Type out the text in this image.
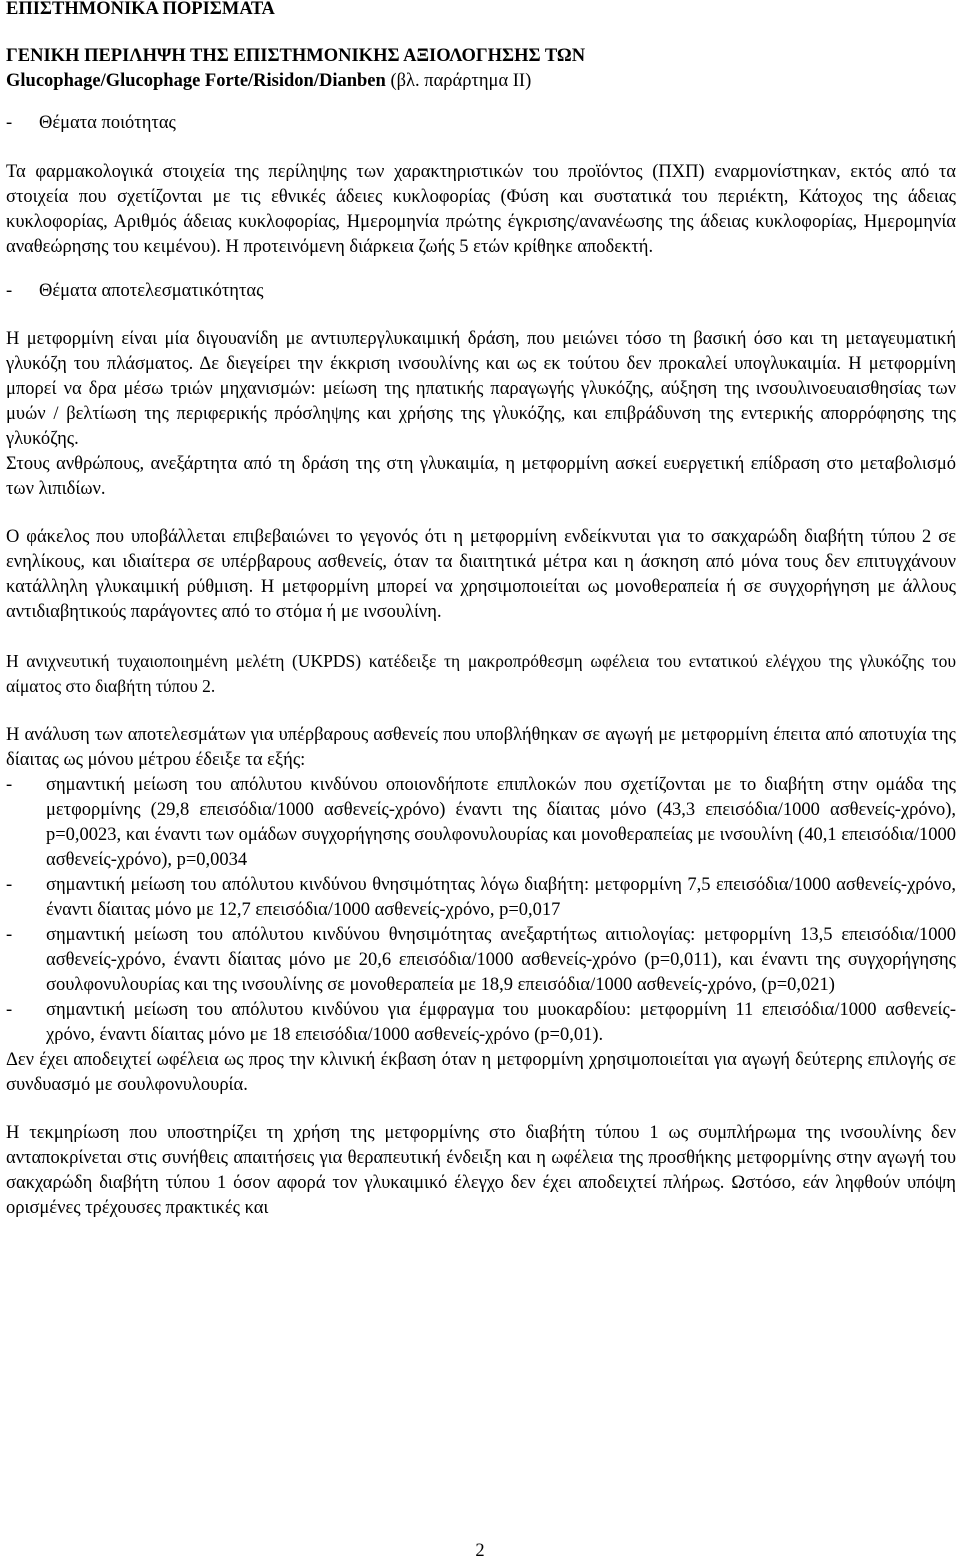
ΕΠΙΣΤΗΜΟΝΙΚΑ ΠΟΡΙΣΜΑΤΑ
ΓΕΝΙΚΗ ΠΕΡΙΛΗΨΗ ΤΗΣ ΕΠΙΣΤΗΜΟΝΙΚΗΣ ΑΞΙΟΛΟΓΗΣΗΣ ΤΩΝ
Glucophage/Glucophage Forte/Risidon/Dianben (βλ. παράρτημα ΙΙ)
-	Θέματα ποιότητας

Τα φαρμακολογικά στοιχεία της περίληψης των χαρακτηριστικών του προϊόντος (ΠΧΠ) εναρμονίστηκαν, εκτός από τα στοιχεία που σχετίζονται με τις εθνικές άδειες κυκλοφορίας (Φύση και συστατικά του περιέκτη, Κάτοχος της άδειας κυκλοφορίας, Αριθμός άδειας κυκλοφορίας, Ημερομηνία πρώτης έγκρισης/ανανέωσης της άδειας κυκλοφορίας, Ημερομηνία αναθεώρησης του κειμένου). Η προτεινόμενη διάρκεια ζωής 5 ετών κρίθηκε αποδεκτή.

-	Θέματα αποτελεσματικότητας

Η μετφορμίνη είναι μία διγουανίδη με αντιυπεργλυκαιμική δράση, που μειώνει τόσο τη βασική όσο και τη μεταγευματική γλυκόζη του πλάσματος. Δε διεγείρει την έκκριση ινσουλίνης και ως εκ τούτου δεν προκαλεί υπογλυκαιμία. Η μετφορμίνη μπορεί να δρα μέσω τριών μηχανισμών: μείωση της ηπατικής παραγωγής γλυκόζης, αύξηση της ινσουλινοευαισθησίας των μυών / βελτίωση της περιφερικής πρόσληψης και χρήσης της γλυκόζης, και επιβράδυνση της εντερικής απορρόφησης της γλυκόζης.

Στους ανθρώπους, ανεξάρτητα από τη δράση της στη γλυκαιμία, η μετφορμίνη ασκεί ευεργετική επίδραση στο μεταβολισμό των λιπιδίων.

Ο φάκελος που υποβάλλεται επιβεβαιώνει το γεγονός ότι η μετφορμίνη ενδείκνυται για το σακχαρώδη διαβήτη τύπου 2 σε ενηλίκους, και ιδιαίτερα σε υπέρβαρους ασθενείς, όταν τα διαιτητικά μέτρα και η άσκηση από μόνα τους δεν επιτυγχάνουν κατάλληλη γλυκαιμική ρύθμιση. Η μετφορμίνη μπορεί να χρησιμοποιείται ως μονοθεραπεία ή σε συγχορήγηση με άλλους αντιδιαβητικούς παράγοντες από το στόμα ή με ινσουλίνη.

Η ανιχνευτική τυχαιοποιημένη μελέτη (UKPDS) κατέδειξε τη μακροπρόθεσμη ωφέλεια του εντατικού ελέγχου της γλυκόζης του αίματος στο διαβήτη τύπου 2.

Η ανάλυση των αποτελεσμάτων για υπέρβαρους ασθενείς που υποβλήθηκαν σε αγωγή με μετφορμίνη έπειτα από αποτυχία της δίαιτας ως μόνου μέτρου έδειξε τα εξής:

-	σημαντική μείωση του απόλυτου κινδύνου οποιονδήποτε επιπλοκών που σχετίζονται με το διαβήτη στην ομάδα της μετφορμίνης (29,8 επεισόδια/1000 ασθενείς-χρόνο) έναντι της δίαιτας μόνο (43,3 επεισόδια/1000 ασθενείς-χρόνο), p=0,0023, και έναντι των ομάδων συγχορήγησης σουλφονυλουρίας και μονοθεραπείας με ινσουλίνη (40,1 επεισόδια/1000 ασθενείς-χρόνο), p=0,0034
-	σημαντική μείωση του απόλυτου κινδύνου θνησιμότητας λόγω διαβήτη: μετφορμίνη 7,5 επεισόδια/1000 ασθενείς-χρόνο, έναντι δίαιτας μόνο με 12,7 επεισόδια/1000 ασθενείς-χρόνο, p=0,017
-	σημαντική μείωση του απόλυτου κινδύνου θνησιμότητας ανεξαρτήτως αιτιολογίας: μετφορμίνη 13,5 επεισόδια/1000 ασθενείς-χρόνο, έναντι δίαιτας μόνο με 20,6 επεισόδια/1000 ασθενείς-χρόνο (p=0,011), και έναντι της συγχορήγησης σουλφονυλουρίας και της ινσουλίνης σε μονοθεραπεία με 18,9 επεισόδια/1000 ασθενείς-χρόνο, (p=0,021)
-	σημαντική μείωση του απόλυτου κινδύνου για έμφραγμα του μυοκαρδίου: μετφορμίνη 11 επεισόδια/1000 ασθενείς-χρόνο, έναντι δίαιτας μόνο με 18 επεισόδια/1000 ασθενείς-χρόνο (p=0,01).

Δεν έχει αποδειχτεί ωφέλεια ως προς την κλινική έκβαση όταν η μετφορμίνη χρησιμοποιείται για αγωγή δεύτερης επιλογής σε συνδυασμό με σουλφονυλουρία.

Η τεκμηρίωση που υποστηρίζει τη χρήση της μετφορμίνης στο διαβήτη τύπου 1 ως συμπλήρωμα της ινσουλίνης δεν ανταποκρίνεται στις συνήθεις απαιτήσεις για θεραπευτική ένδειξη και η ωφέλεια της προσθήκης μετφορμίνης στην αγωγή του σακχαρώδη διαβήτη τύπου 1 όσον αφορά τον γλυκαιμικό έλεγχο δεν έχει αποδειχτεί πλήρως. Ωστόσο, εάν ληφθούν υπόψη ορισμένες τρέχουσες πρακτικές και

2
